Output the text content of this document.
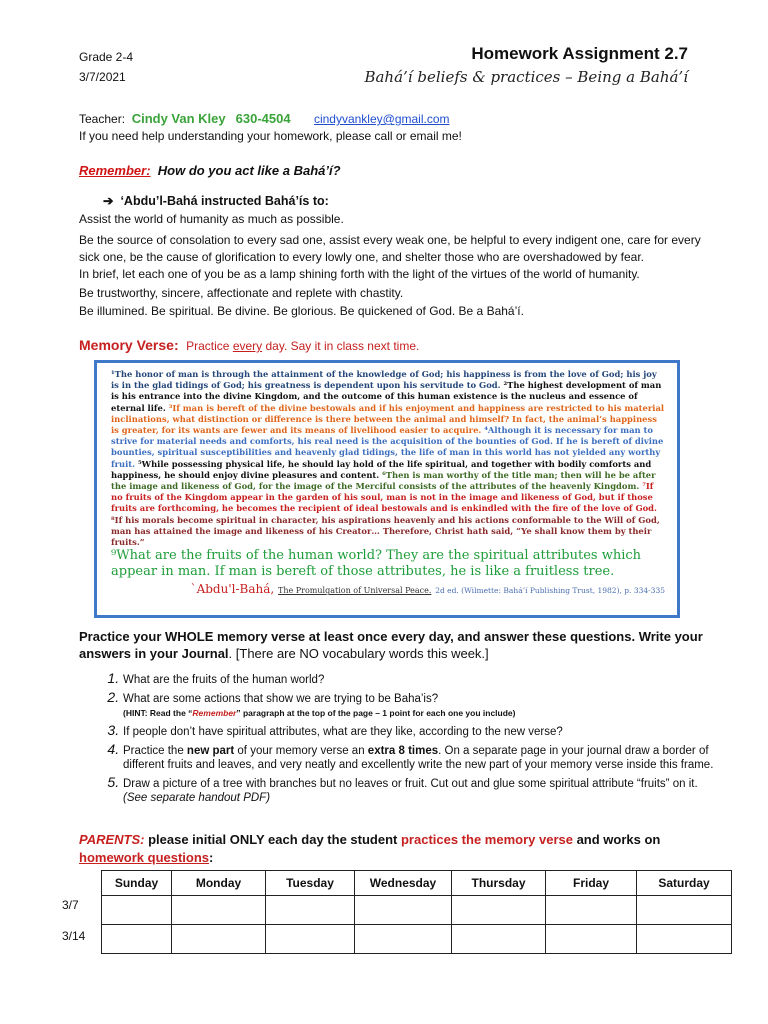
Grade 2-4
3/7/2021
Homework Assignment 2.7
Bahá’í beliefs & practices – Being a Bahá’í
Teacher: Cindy Van Kley 630-4504 cindyvankley@gmail.com
If you need help understanding your homework, please call or email me!
Remember: How do you act like a Bahá’í?
➔ ‘Abdu’l-Bahá instructed Bahá’ís to:
Assist the world of humanity as much as possible.
Be the source of consolation to every sad one, assist every weak one, be helpful to every indigent one, care for every sick one, be the cause of glorification to every lowly one, and shelter those who are overshadowed by fear.
In brief, let each one of you be as a lamp shining forth with the light of the virtues of the world of humanity.
Be trustworthy, sincere, affectionate and replete with chastity.
Be illumined. Be spiritual. Be divine. Be glorious. Be quickened of God. Be a Bahá’í.
Memory Verse: Practice every day. Say it in class next time.
¹The honor of man is through the attainment of the knowledge of God; his happiness is from the love of God; his joy is in the glad tidings of God; his greatness is dependent upon his servitude to God. ²The highest development of man is his entrance into the divine Kingdom, and the outcome of this human existence is the nucleus and essence of eternal life. ³If man is bereft of the divine bestowals and if his enjoyment and happiness are restricted to his material inclinations, what distinction or difference is there between the animal and himself? In fact, the animal’s happiness is greater, for its wants are fewer and its means of livelihood easier to acquire. ⁴Although it is necessary for man to strive for material needs and comforts, his real need is the acquisition of the bounties of God. If he is bereft of divine bounties, spiritual susceptibilities and heavenly glad tidings, the life of man in this world has not yielded any worthy fruit. ⁵While possessing physical life, he should lay hold of the life spiritual, and together with bodily comforts and happiness, he should enjoy divine pleasures and content. ⁶Then is man worthy of the title man; then will he be after the image and likeness of God, for the image of the Merciful consists of the attributes of the heavenly Kingdom. ⁷If no fruits of the Kingdom appear in the garden of his soul, man is not in the image and likeness of God, but if those fruits are forthcoming, he becomes the recipient of ideal bestowals and is enkindled with the fire of the love of God. ⁸If his morals become spiritual in character, his aspirations heavenly and his actions conformable to the Will of God, man has attained the image and likeness of his Creator… Therefore, Christ hath said, “Ye shall know them by their fruits.”
⁹What are the fruits of the human world? They are the spiritual attributes which appear in man. If man is bereft of those attributes, he is like a fruitless tree.
`Abdu'l-Bahá, The Promulgation of Universal Peace. 2d ed. (Wilmette: Bahá’í Publishing Trust, 1982), p. 334-335
Practice your WHOLE memory verse at least once every day, and answer these questions. Write your answers in your Journal. [There are NO vocabulary words this week.]
1. What are the fruits of the human world?
2. What are some actions that show we are trying to be Baha’is?
(HINT: Read the “Remember” paragraph at the top of the page – 1 point for each one you include)
3. If people don’t have spiritual attributes, what are they like, according to the new verse?
4. Practice the new part of your memory verse an extra 8 times. On a separate page in your journal draw a border of different fruits and leaves, and very neatly and excellently write the new part of your memory verse inside this frame.
5. Draw a picture of a tree with branches but no leaves or fruit. Cut out and glue some spiritual attribute “fruits” on it. (See separate handout PDF)
PARENTS: please initial ONLY each day the student practices the memory verse and works on homework questions:
Sunday	Monday	Tuesday	Wednesday	Thursday	Friday	Saturday

3/7
3/14
